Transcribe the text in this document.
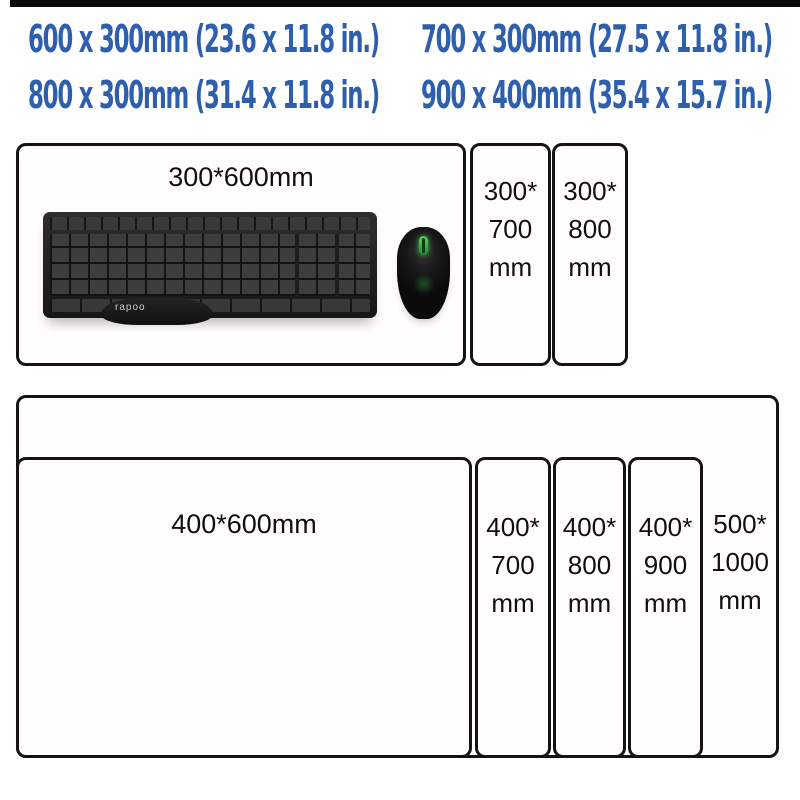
600 x 300mm (23.6 x 11.8 in.) 700 x 300mm (27.5 x 11.8 in.)
800 x 300mm (31.4 x 11.8 in.) 900 x 400mm (35.4 x 15.7 in.)
300*600mm
rapoo
300*
700
mm
300*
800
mm
400*600mm	400*
700
mm
400*
800
mm
400*
900
mm
500*
1000
mm
